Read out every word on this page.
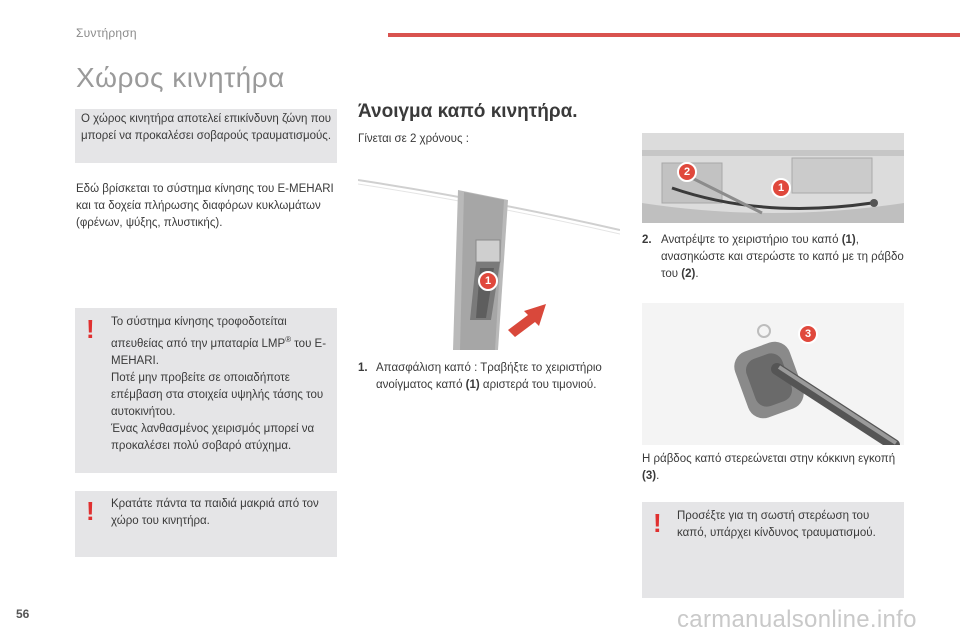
Συντήρηση
Χώρος κινητήρα
Ο χώρος κινητήρα αποτελεί επικίνδυνη ζώνη που μπορεί να προκαλέσει σοβαρούς τραυματισμούς.
Εδώ βρίσκεται το σύστημα κίνησης του E-MEHARI και τα δοχεία πλήρωσης διαφόρων κυκλωμάτων (φρένων, ψύξης, πλυστικής).
! Το σύστημα κίνησης τροφοδοτείται απευθείας από την μπαταρία LMP® του E-MEHARI.
Ποτέ μην προβείτε σε οποιαδήποτε επέμβαση στα στοιχεία υψηλής τάσης του αυτοκινήτου.
Ένας λανθασμένος χειρισμός μπορεί να προκαλέσει πολύ σοβαρό ατύχημα.
! Κρατάτε πάντα τα παιδιά μακριά από τον χώρο του κινητήρα.
Άνοιγμα καπό κινητήρα.
Γίνεται σε 2 χρόνους :
1
1. Απασφάλιση καπό : Τραβήξτε το χειριστήριο ανοίγματος καπό (1) αριστερά του τιμονιού.
2
1
2. Ανατρέψτε το χειριστήριο του καπό (1), ανασηκώστε και στερώστε το καπό με τη ράβδο του (2).
3
Η ράβδος καπό στερεώνεται στην κόκκινη εγκοπή (3).
! Προσέξτε για τη σωστή στερέωση του καπό, υπάρχει κίνδυνος τραυματισμού.
56	carmanualsonline.info
